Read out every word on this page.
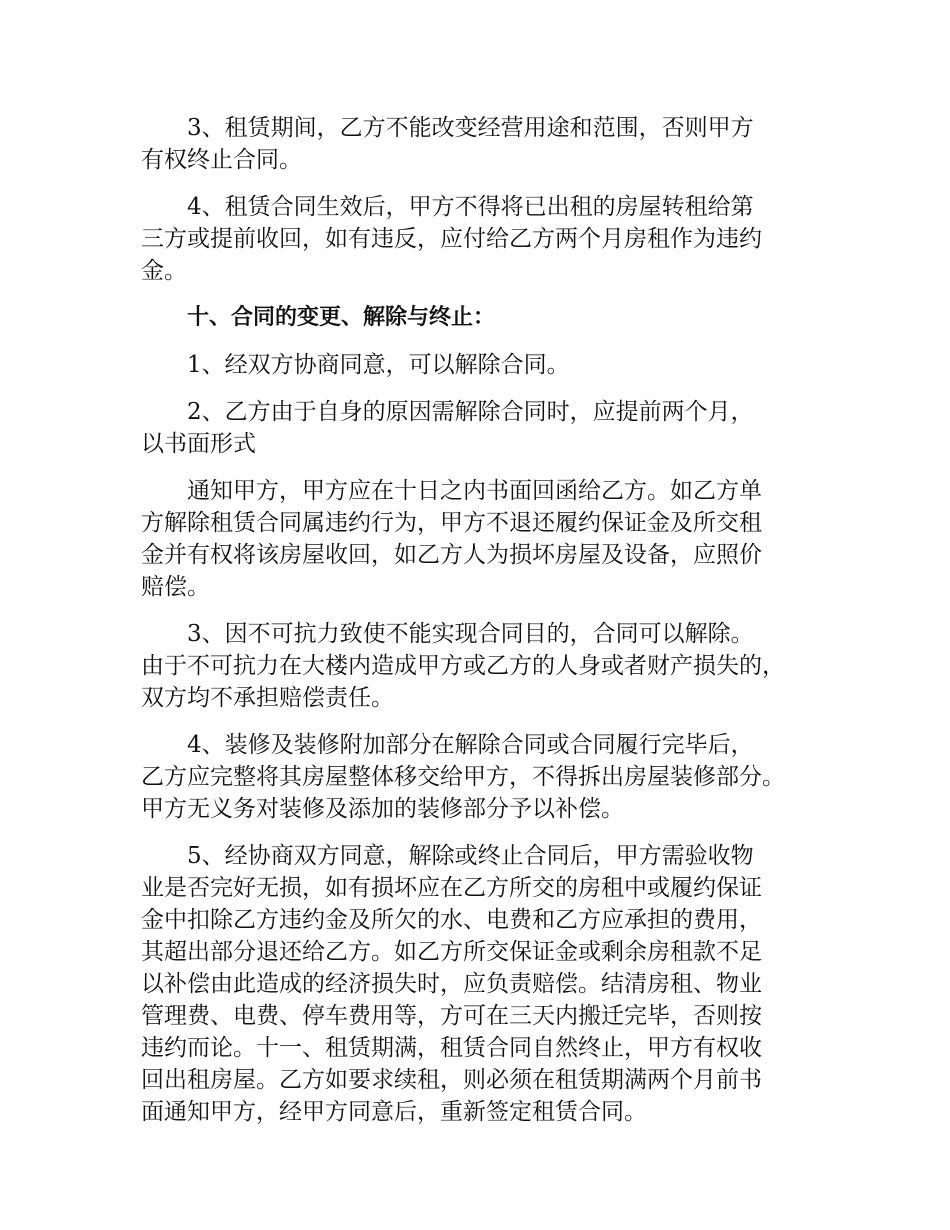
3、租赁期间，乙方不能改变经营用途和范围，否则甲方
有权终止合同。
4、租赁合同生效后，甲方不得将已出租的房屋转租给第
三方或提前收回，如有违反，应付给乙方两个月房租作为违约
金。
十、合同的变更、解除与终止：
1、经双方协商同意，可以解除合同。
2、乙方由于自身的原因需解除合同时，应提前两个月，
以书面形式
通知甲方，甲方应在十日之内书面回函给乙方。如乙方单
方解除租赁合同属违约行为，甲方不退还履约保证金及所交租
金并有权将该房屋收回，如乙方人为损坏房屋及设备，应照价
赔偿。
3、因不可抗力致使不能实现合同目的，合同可以解除。
由于不可抗力在大楼内造成甲方或乙方的人身或者财产损失的，
双方均不承担赔偿责任。
4、装修及装修附加部分在解除合同或合同履行完毕后，
乙方应完整将其房屋整体移交给甲方，不得拆出房屋装修部分。
甲方无义务对装修及添加的装修部分予以补偿。
5、经协商双方同意，解除或终止合同后，甲方需验收物
业是否完好无损，如有损坏应在乙方所交的房租中或履约保证
金中扣除乙方违约金及所欠的水、电费和乙方应承担的费用，
其超出部分退还给乙方。如乙方所交保证金或剩余房租款不足
以补偿由此造成的经济损失时，应负责赔偿。结清房租、物业
管理费、电费、停车费用等，方可在三天内搬迁完毕，否则按
违约而论。十一、租赁期满，租赁合同自然终止，甲方有权收
回出租房屋。乙方如要求续租，则必须在租赁期满两个月前书
面通知甲方，经甲方同意后，重新签定租赁合同。
